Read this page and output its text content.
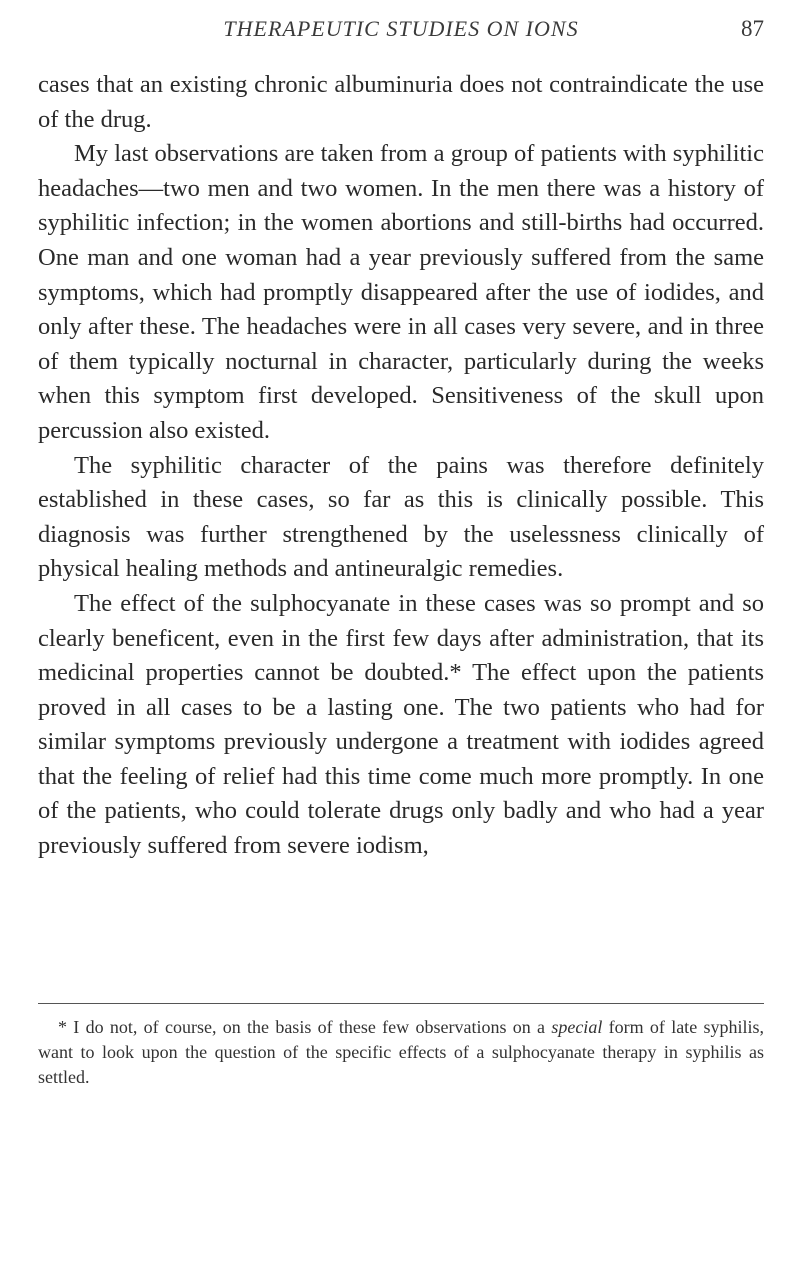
THERAPEUTIC STUDIES ON IONS	87

cases that an existing chronic albuminuria does not contraindicate the use of the drug.

My last observations are taken from a group of patients with syphilitic headaches—two men and two women. In the men there was a history of syphilitic infection; in the women abortions and still-births had occurred. One man and one woman had a year previously suffered from the same symptoms, which had promptly disappeared after the use of iodides, and only after these. The headaches were in all cases very severe, and in three of them typically nocturnal in character, particularly during the weeks when this symptom first developed. Sensitiveness of the skull upon percussion also existed.

The syphilitic character of the pains was therefore definitely established in these cases, so far as this is clinically possible. This diagnosis was further strengthened by the uselessness clinically of physical healing methods and antineuralgic remedies.

The effect of the sulphocyanate in these cases was so prompt and so clearly beneficent, even in the first few days after administration, that its medicinal properties cannot be doubted.* The effect upon the patients proved in all cases to be a lasting one. The two patients who had for similar symptoms previously undergone a treatment with iodides agreed that the feeling of relief had this time come much more promptly. In one of the patients, who could tolerate drugs only badly and who had a year previously suffered from severe iodism,

* I do not, of course, on the basis of these few observations on a special form of late syphilis, want to look upon the question of the specific effects of a sulphocyanate therapy in syphilis as settled.
